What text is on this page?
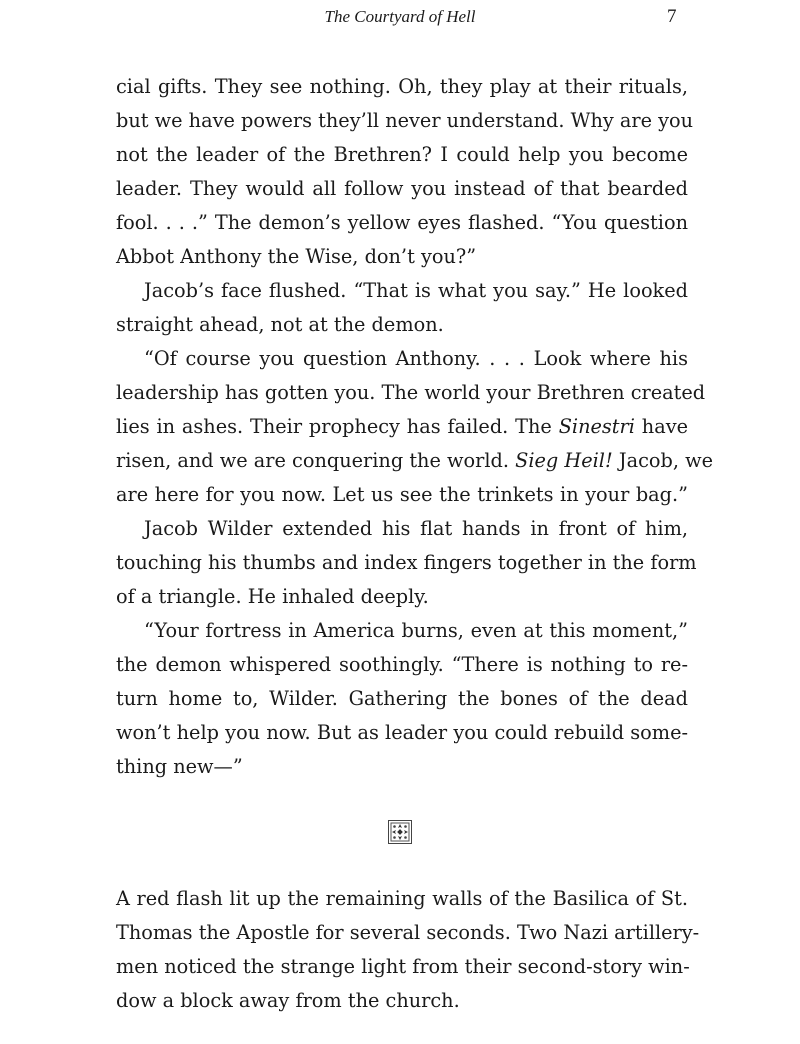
The Courtyard of Hell	7
cial gifts. They see nothing. Oh, they play at their rituals,
but we have powers they’ll never understand. Why are you
not the leader of the Brethren? I could help you become
leader. They would all follow you instead of that bearded
fool. . . .” The demon’s yellow eyes flashed. “You question
Abbot Anthony the Wise, don’t you?”
Jacob’s face flushed. “That is what you say.” He looked
straight ahead, not at the demon.
“Of course you question Anthony. . . . Look where his
leadership has gotten you. The world your Brethren created
lies in ashes. Their prophecy has failed. The Sinestri have
risen, and we are conquering the world. Sieg Heil! Jacob, we
are here for you now. Let us see the trinkets in your bag.”
Jacob Wilder extended his flat hands in front of him,
touching his thumbs and index fingers together in the form
of a triangle. He inhaled deeply.
“Your fortress in America burns, even at this moment,”
the demon whispered soothingly. “There is nothing to re-
turn home to, Wilder. Gathering the bones of the dead
won’t help you now. But as leader you could rebuild some-
thing new—”
A red flash lit up the remaining walls of the Basilica of St.
Thomas the Apostle for several seconds. Two Nazi artillery-
men noticed the strange light from their second-story win-
dow a block away from the church.
